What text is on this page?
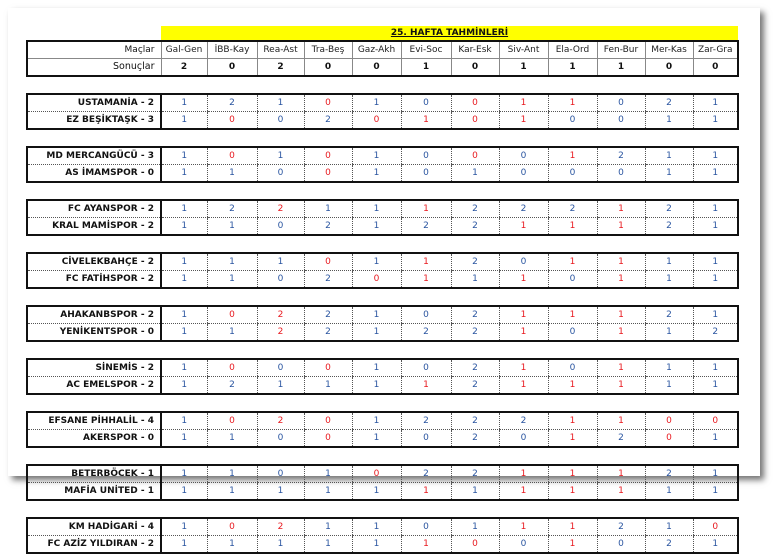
	25. HAFTA TAHMİNLERİ											
Maçlar	Gal-Gen	İBB-Kay	Rea-Ast	Tra-Beş	Gaz-Akh	Evi-Soc	Kar-Esk	Siv-Ant	Ela-Ord	Fen-Bur	Mer-Kas	Zar-Gra
Sonuçlar	2	0	2	0	0	1	0	1	1	1	0	0

USTAMANİA - 2	1	2	1	0	1	0	0	1	1	0	2	1
EZ BEŞİKTAŞK - 3	1	0	0	2	0	1	0	1	0	0	1	1

MD MERCANGÜCÜ - 3	1	0	1	0	1	0	0	0	1	2	1	1
AS İMAMSPOR - 0	1	1	0	0	1	0	1	0	0	0	1	1

FC AYANSPOR - 2	1	2	2	1	1	1	2	2	2	1	2	1
KRAL MAMİSPOR - 2	1	1	0	2	1	2	2	1	1	1	2	1

CİVELEKBAHÇE - 2	1	1	1	0	1	1	2	0	1	1	1	1
FC FATİHSPOR - 2	1	1	0	2	0	1	1	1	0	1	1	1

AHAKANBSPOR - 2	1	0	2	2	1	0	2	1	1	1	2	1
YENİKENTSPOR - 0	1	1	2	2	1	2	2	1	0	1	1	2

SİNEMİS - 2	1	0	0	0	1	0	2	1	0	1	1	1
AC EMELSPOR - 2	1	2	1	1	1	1	2	1	1	1	1	1

EFSANE PİHHALİL - 4	1	0	2	0	1	2	2	2	1	1	0	0
AKERSPOR - 0	1	1	0	0	1	0	2	0	1	2	0	1

BETERBÖCEK - 1	1	1	0	1	0	2	2	1	1	1	2	1
MAFİA UNİTED - 1	1	1	1	1	1	1	1	1	1	1	1	1

KM HADİGARİ - 4	1	0	2	1	1	0	1	1	1	2	1	0
FC AZİZ YILDIRAN - 2	1	1	1	1	1	1	0	0	1	0	2	1
